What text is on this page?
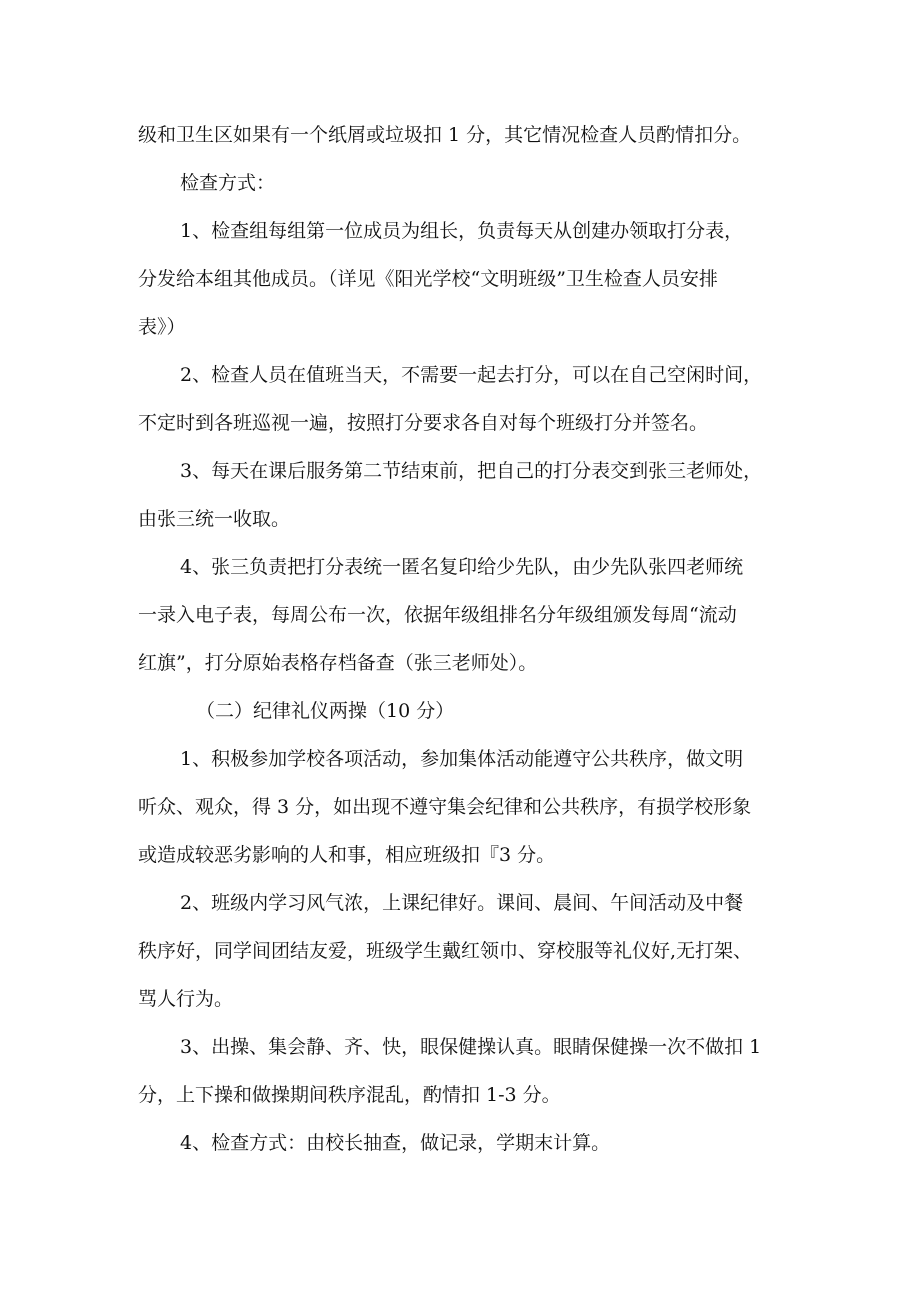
级和卫生区如果有一个纸屑或垃圾扣 1 分，其它情况检查人员酌情扣分。
检查方式：
1、检查组每组第一位成员为组长，负责每天从创建办领取打分表，
分发给本组其他成员。（详见《阳光学校“文明班级”卫生检查人员安排
表》）
2、检查人员在值班当天，不需要一起去打分，可以在自己空闲时间，
不定时到各班巡视一遍，按照打分要求各自对每个班级打分并签名。
3、每天在课后服务第二节结束前，把自己的打分表交到张三老师处，
由张三统一收取。
4、张三负责把打分表统一匿名复印给少先队，由少先队张四老师统
一录入电子表，每周公布一次，依据年级组排名分年级组颁发每周“流动
红旗”，打分原始表格存档备查（张三老师处）。
（二）纪律礼仪两操（10 分）
1、积极参加学校各项活动，参加集体活动能遵守公共秩序，做文明
听众、观众，得 3 分，如出现不遵守集会纪律和公共秩序，有损学校形象
或造成较恶劣影响的人和事，相应班级扣『3 分。
2、班级内学习风气浓，上课纪律好。课间、晨间、午间活动及中餐
秩序好，同学间团结友爱，班级学生戴红领巾、穿校服等礼仪好,无打架、
骂人行为。
3、出操、集会静、齐、快，眼保健操认真。眼睛保健操一次不做扣 1
分，上下操和做操期间秩序混乱，酌情扣 1-3 分。
4、检查方式：由校长抽查，做记录，学期末计算。
